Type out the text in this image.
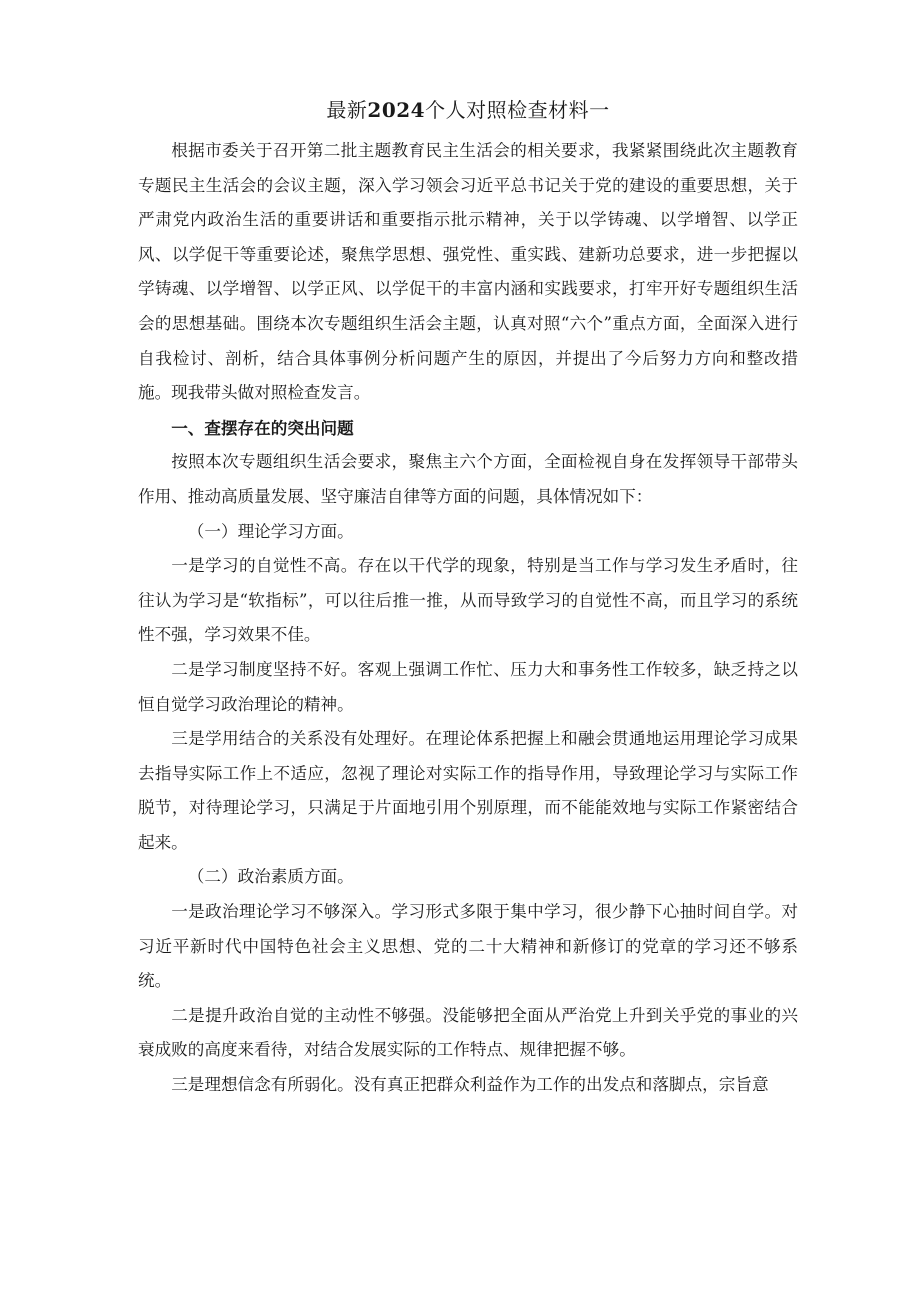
最新2024个人对照检查材料一

根据市委关于召开第二批主题教育民主生活会的相关要求，我紧紧围绕此次主题教育专题民主生活会的会议主题，深入学习领会习近平总书记关于党的建设的重要思想，关于严肃党内政治生活的重要讲话和重要指示批示精神，关于以学铸魂、以学增智、以学正风、以学促干等重要论述，聚焦学思想、强党性、重实践、建新功总要求，进一步把握以学铸魂、以学增智、以学正风、以学促干的丰富内涵和实践要求，打牢开好专题组织生活会的思想基础。围绕本次专题组织生活会主题，认真对照“六个”重点方面，全面深入进行自我检讨、剖析，结合具体事例分析问题产生的原因，并提出了今后努力方向和整改措施。现我带头做对照检查发言。

一、查摆存在的突出问题

按照本次专题组织生活会要求，聚焦主六个方面，全面检视自身在发挥领导干部带头作用、推动高质量发展、坚守廉洁自律等方面的问题，具体情况如下：

（一）理论学习方面。

一是学习的自觉性不高。存在以干代学的现象，特别是当工作与学习发生矛盾时，往往认为学习是“软指标”，可以往后推一推，从而导致学习的自觉性不高，而且学习的系统性不强，学习效果不佳。

二是学习制度坚持不好。客观上强调工作忙、压力大和事务性工作较多，缺乏持之以恒自觉学习政治理论的精神。

三是学用结合的关系没有处理好。在理论体系把握上和融会贯通地运用理论学习成果去指导实际工作上不适应，忽视了理论对实际工作的指导作用，导致理论学习与实际工作脱节，对待理论学习，只满足于片面地引用个别原理，而不能能效地与实际工作紧密结合起来。

（二）政治素质方面。

一是政治理论学习不够深入。学习形式多限于集中学习，很少静下心抽时间自学。对习近平新时代中国特色社会主义思想、党的二十大精神和新修订的党章的学习还不够系统。

二是提升政治自觉的主动性不够强。没能够把全面从严治党上升到关乎党的事业的兴衰成败的高度来看待，对结合发展实际的工作特点、规律把握不够。

三是理想信念有所弱化。没有真正把群众利益作为工作的出发点和落脚点，宗旨意
